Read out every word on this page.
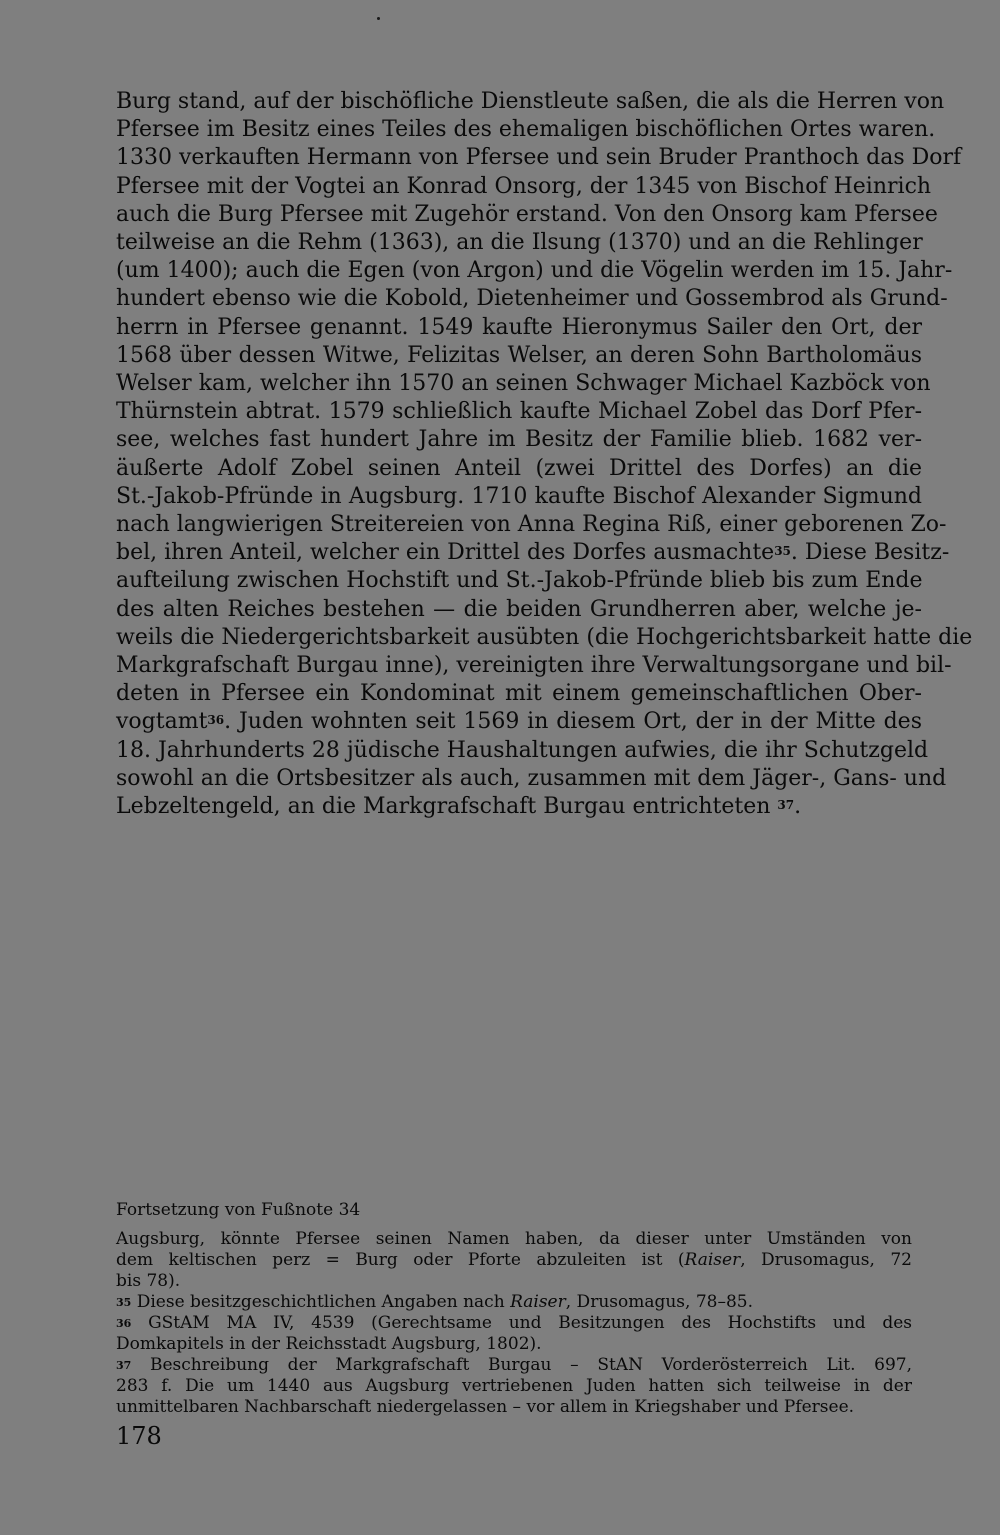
Burg stand, auf der bischöfliche Dienstleute saßen, die als die Herren von
Pfersee im Besitz eines Teiles des ehemaligen bischöflichen Ortes waren.
1330 verkauften Hermann von Pfersee und sein Bruder Pranthoch das Dorf
Pfersee mit der Vogtei an Konrad Onsorg, der 1345 von Bischof Heinrich
auch die Burg Pfersee mit Zugehör erstand. Von den Onsorg kam Pfersee
teilweise an die Rehm (1363), an die Ilsung (1370) und an die Rehlinger
(um 1400); auch die Egen (von Argon) und die Vögelin werden im 15. Jahr-
hundert ebenso wie die Kobold, Dietenheimer und Gossembrod als Grund-
herrn in Pfersee genannt. 1549 kaufte Hieronymus Sailer den Ort, der
1568 über dessen Witwe, Felizitas Welser, an deren Sohn Bartholomäus
Welser kam, welcher ihn 1570 an seinen Schwager Michael Kazböck von
Thürnstein abtrat. 1579 schließlich kaufte Michael Zobel das Dorf Pfer-
see, welches fast hundert Jahre im Besitz der Familie blieb. 1682 ver-
äußerte Adolf Zobel seinen Anteil (zwei Drittel des Dorfes) an die
St.-Jakob-Pfründe in Augsburg. 1710 kaufte Bischof Alexander Sigmund
nach langwierigen Streitereien von Anna Regina Riß, einer geborenen Zo-
bel, ihren Anteil, welcher ein Drittel des Dorfes ausmachte$^{35}$. Diese Besitz-
aufteilung zwischen Hochstift und St.-Jakob-Pfründe blieb bis zum Ende
des alten Reiches bestehen — die beiden Grundherren aber, welche je-
weils die Niedergerichtsbarkeit ausübten (die Hochgerichtsbarkeit hatte die
Markgrafschaft Burgau inne), vereinigten ihre Verwaltungsorgane und bil-
deten in Pfersee ein Kondominat mit einem gemeinschaftlichen Ober-
vogtamt$^{36}$. Juden wohnten seit 1569 in diesem Ort, der in der Mitte des
18. Jahrhunderts 28 jüdische Haushaltungen aufwies, die ihr Schutzgeld
sowohl an die Ortsbesitzer als auch, zusammen mit dem Jäger-, Gans- und
Lebzeltengeld, an die Markgrafschaft Burgau entrichteten $^{37}$.
Fortsetzung von Fußnote 34
Augsburg, könnte Pfersee seinen Namen haben, da dieser unter Umständen von
dem keltischen perz = Burg oder Pforte abzuleiten ist (Raiser, Drusomagus, 72
bis 78).
$^{35}$ Diese besitzgeschichtlichen Angaben nach Raiser, Drusomagus, 78–85.
$^{36}$ GStAM MA IV, 4539 (Gerechtsame und Besitzungen des Hochstifts und des
Domkapitels in der Reichsstadt Augsburg, 1802).
$^{37}$ Beschreibung der Markgrafschaft Burgau – StAN Vorderösterreich Lit. 697,
283 f. Die um 1440 aus Augsburg vertriebenen Juden hatten sich teilweise in der
unmittelbaren Nachbarschaft niedergelassen – vor allem in Kriegshaber und Pfersee.
178
